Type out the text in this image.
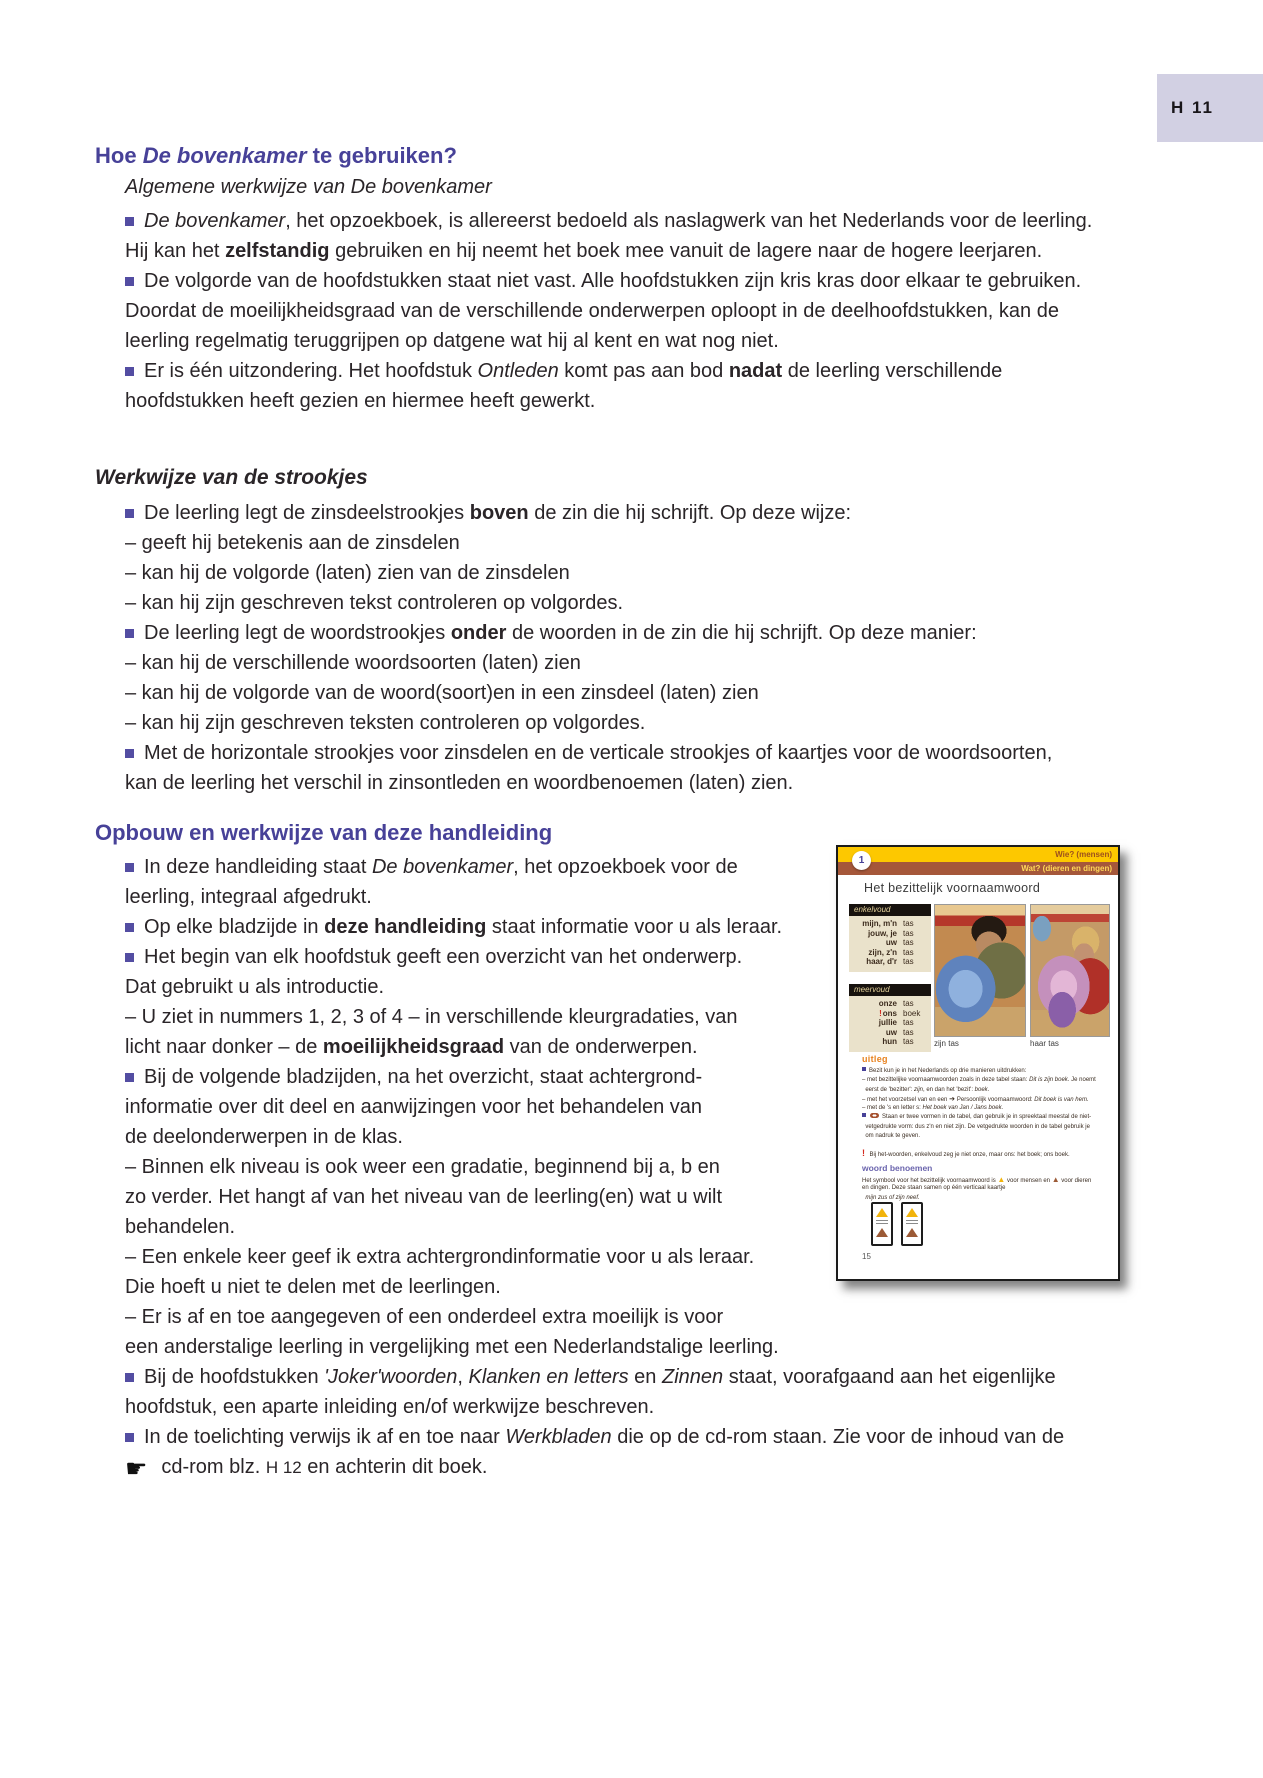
H 11
Hoe De bovenkamer te gebruiken?
Algemene werkwijze van De bovenkamer
De bovenkamer, het opzoekboek, is allereerst bedoeld als naslagwerk van het Nederlands voor de leerling.
Hij kan het zelfstandig gebruiken en hij neemt het boek mee vanuit de lagere naar de hogere leerjaren.
De volgorde van de hoofdstukken staat niet vast. Alle hoofdstukken zijn kris kras door elkaar te gebruiken.
Doordat de moeilijkheidsgraad van de verschillende onderwerpen oploopt in de deelhoofdstukken, kan de
leerling regelmatig teruggrijpen op datgene wat hij al kent en wat nog niet.
Er is één uitzondering. Het hoofdstuk Ontleden komt pas aan bod nadat de leerling verschillende
hoofdstukken heeft gezien en hiermee heeft gewerkt.
Werkwijze van de strookjes
De leerling legt de zinsdeelstrookjes boven de zin die hij schrijft. Op deze wijze:
– geeft hij betekenis aan de zinsdelen
– kan hij de volgorde (laten) zien van de zinsdelen
– kan hij zijn geschreven tekst controleren op volgordes.
De leerling legt de woordstrookjes onder de woorden in de zin die hij schrijft. Op deze manier:
– kan hij de verschillende woordsoorten (laten) zien
– kan hij de volgorde van de woord(soort)en in een zinsdeel (laten) zien
– kan hij zijn geschreven teksten controleren op volgordes.
Met de horizontale strookjes voor zinsdelen en de verticale strookjes of kaartjes voor de woordsoorten,
kan de leerling het verschil in zinsontleden en woordbenoemen (laten) zien.
Opbouw en werkwijze van deze handleiding
In deze handleiding staat De bovenkamer, het opzoekboek voor de
leerling, integraal afgedrukt.
Op elke bladzijde in deze handleiding staat informatie voor u als leraar.
Het begin van elk hoofdstuk geeft een overzicht van het onderwerp.
Dat gebruikt u als introductie.
– U ziet in nummers 1, 2, 3 of 4 – in verschillende kleurgradaties, van
licht naar donker – de moeilijkheidsgraad van de onderwerpen.
Bij de volgende bladzijden, na het overzicht, staat achtergrond-
informatie over dit deel en aanwijzingen voor het behandelen van
de deelonderwerpen in de klas.
– Binnen elk niveau is ook weer een gradatie, beginnend bij a, b en
zo verder. Het hangt af van het niveau van de leerling(en) wat u wilt
behandelen.
– Een enkele keer geef ik extra achtergrondinformatie voor u als leraar.
Die hoeft u niet te delen met de leerlingen.
– Er is af en toe aangegeven of een onderdeel extra moeilijk is voor
een anderstalige leerling in vergelijking met een Nederlandstalige leerling.
Bij de hoofdstukken 'Joker'woorden, Klanken en letters en Zinnen staat, voorafgaand aan het eigenlijke
hoofdstuk, een aparte inleiding en/of werkwijze beschreven.
In de toelichting verwijs ik af en toe naar Werkbladen die op de cd-rom staan. Zie voor de inhoud van de
☛ cd-rom blz. H 12 en achterin dit boek.
Wie? (mensen)
Wat? (dieren en dingen)
1
Het bezittelijk voornaamwoord
enkelvoud
mijn, m'n tas
jouw, je tas
uw tas
zijn, z'n tas
haar, d'r tas
meervoud
onze tas
!ons boek
jullie tas
uw tas
hun tas	zijn tas	haar tas
uitleg
Bezit kun je in het Nederlands op drie manieren uitdrukken:
– met bezittelijke voornaamwoorden zoals in deze tabel staan: Dit is zijn boek. Je noemt
eerst de 'bezitter': zijn, en dan het 'bezit': boek.
– met het voorzetsel van en een ➔ Persoonlijk voornaamwoord: Dit boek is van hem.
– met de 's en letter s: Het boek van Jan / Jans boek.
Staan er twee vormen in de tabel, dan gebruik je in spreektaal meestal de niet-
vetgedrukte vorm: dus z'n en niet zijn. De vetgedrukte woorden in de tabel gebruik je
om nadruk te geven.
! Bij het-woorden, enkelvoud zeg je niet onze, maar ons: het boek; ons boek.
woord benoemen
Het symbool voor het bezittelijk voornaamwoord is ▲ voor mensen en ▲ voor dieren
en dingen. Deze staan samen op één verticaal kaartje
mijn zus of zijn neef.
15
